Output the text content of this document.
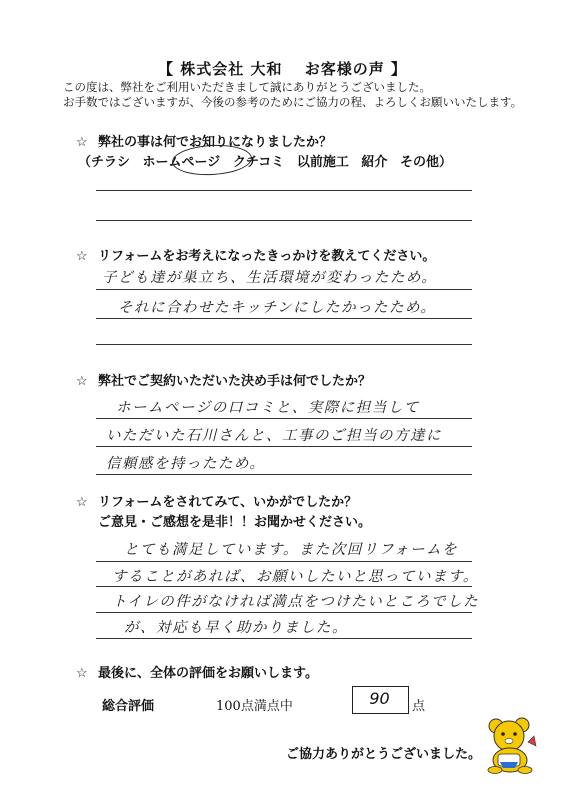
【 株式会社 大和　 お客様の声 】
この度は、弊社をご利用いただきまして誠にありがとうございました。
お手数ではございますが、今後の参考のためにご協力の程、よろしくお願いいたします。
☆ 弊社の事は何でお知りになりましたか？
（チラシ ホームページ クチコミ 以前施工 紹介 その他）
☆ リフォームをお考えになったきっかけを教えてください。
子ども達が巣立ち、生活環境が変わったため。
それに合わせたキッチンにしたかったため。
☆ 弊社でご契約いただいた決め手は何でしたか？
ホームページの口コミと、実際に担当して
いただいた石川さんと、工事のご担当の方達に
信頼感を持ったため。
☆ リフォームをされてみて、いかがでしたか？
ご意見・ご感想を是非！！お聞かせください。
とても満足しています。また次回リフォームを
することがあれば、お願いしたいと思っています。
トイレの件がなければ満点をつけたいところでした
が、対応も早く助かりました。
☆ 最後に、全体の評価をお願いします。
総合評価	100点満点中	90	点
ご協力ありがとうございました。
